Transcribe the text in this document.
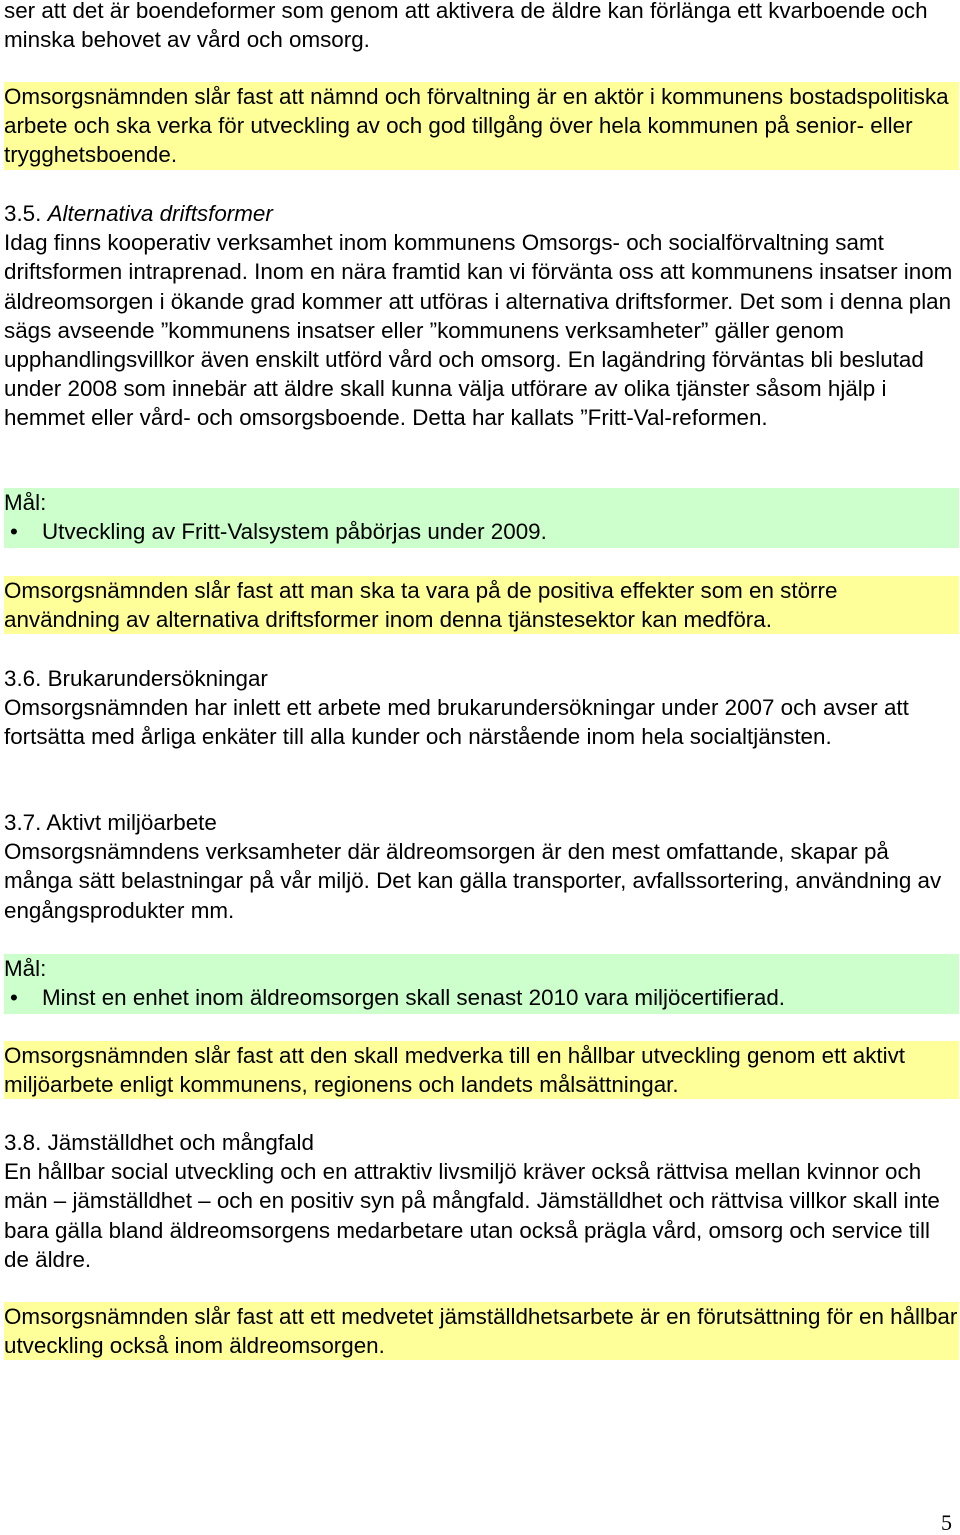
ser att det är boendeformer som genom att aktivera de äldre kan förlänga ett kvarboende och minska behovet av vård och omsorg.

Omsorgsnämnden slår fast att nämnd och förvaltning är en aktör i kommunens bostadspolitiska arbete och ska verka för utveckling av och god tillgång över hela kommunen på senior- eller trygghetsboende.

3.5. Alternativa driftsformer
Idag finns kooperativ verksamhet inom kommunens Omsorgs- och socialförvaltning samt driftsformen intraprenad. Inom en nära framtid kan vi förvänta oss att kommunens insatser inom äldreomsorgen i ökande grad kommer att utföras i alternativa driftsformer. Det som i denna plan sägs avseende ”kommunens insatser eller ”kommunens verksamheter” gäller genom upphandlingsvillkor även enskilt utförd vård och omsorg. En lagändring förväntas bli beslutad under 2008 som innebär att äldre skall kunna välja utförare av olika tjänster såsom hjälp i hemmet eller vård- och omsorgsboende. Detta har kallats ”Fritt-Val-reformen.
Mål:
• Utveckling av Fritt-Valsystem påbörjas under 2009.

Omsorgsnämnden slår fast att man ska ta vara på de positiva effekter som en större användning av alternativa driftsformer inom denna tjänstesektor kan medföra.

3.6. Brukarundersökningar
Omsorgsnämnden har inlett ett arbete med brukarundersökningar under 2007 och avser att fortsätta med årliga enkäter till alla kunder och närstående inom hela socialtjänsten.
3.7. Aktivt miljöarbete
Omsorgsnämndens verksamheter där äldreomsorgen är den mest omfattande, skapar på många sätt belastningar på vår miljö. Det kan gälla transporter, avfallssortering, användning av engångsprodukter mm.
Mål:
• Minst en enhet inom äldreomsorgen skall senast 2010 vara miljöcertifierad.

Omsorgsnämnden slår fast att den skall medverka till en hållbar utveckling genom ett aktivt miljöarbete enligt kommunens, regionens och landets målsättningar.

3.8. Jämställdhet och mångfald
En hållbar social utveckling och en attraktiv livsmiljö kräver också rättvisa mellan kvinnor och män – jämställdhet – och en positiv syn på mångfald. Jämställdhet och rättvisa villkor skall inte bara gälla bland äldreomsorgens medarbetare utan också prägla vård, omsorg och service till de äldre.

Omsorgsnämnden slår fast att ett medvetet jämställdhetsarbete är en förutsättning för en hållbar utveckling också inom äldreomsorgen.

5
